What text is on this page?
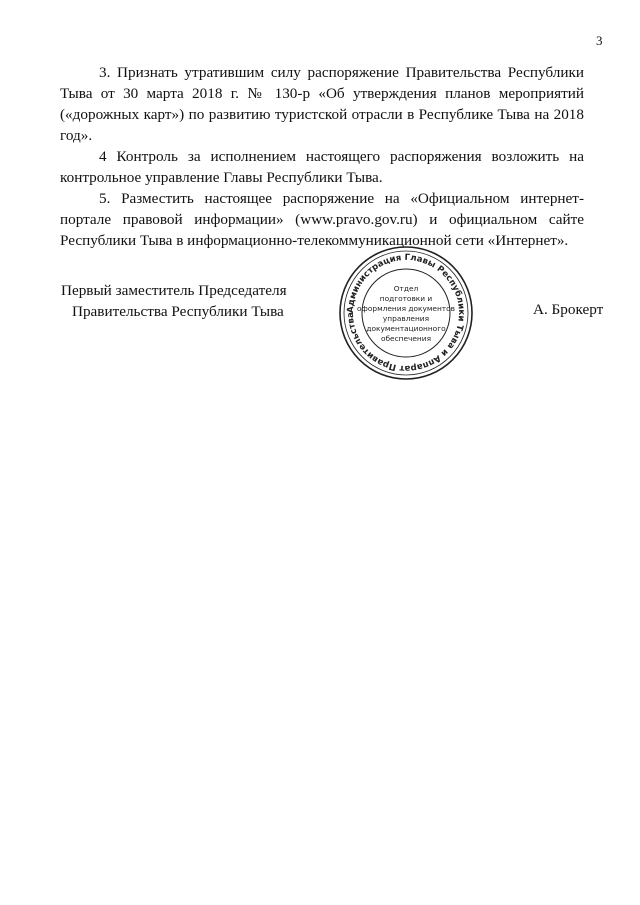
3

3. Признать утратившим силу распоряжение Правительства Республики Тыва от 30 марта 2018 г. № 130-р «Об утверждения планов мероприятий («дорожных карт») по развитию туристской отрасли в Республике Тыва на 2018 год».

4 Контроль за исполнением настоящего распоряжения возложить на контрольное управление Главы Республики Тыва.

5. Разместить настоящее распоряжение на «Официальном интернет-портале правовой информации» (www.pravo.gov.ru) и официальном сайте Республики Тыва в информационно-телекоммуникационной сети «Интернет».

Первый заместитель Председателя
Правительства Республики Тыва	Администрация Главы Республики Тыва и Аппарат Правительства
Отдел
подготовки и
оформления документов
управления
документационного
обеспечения
А. Брокерт
